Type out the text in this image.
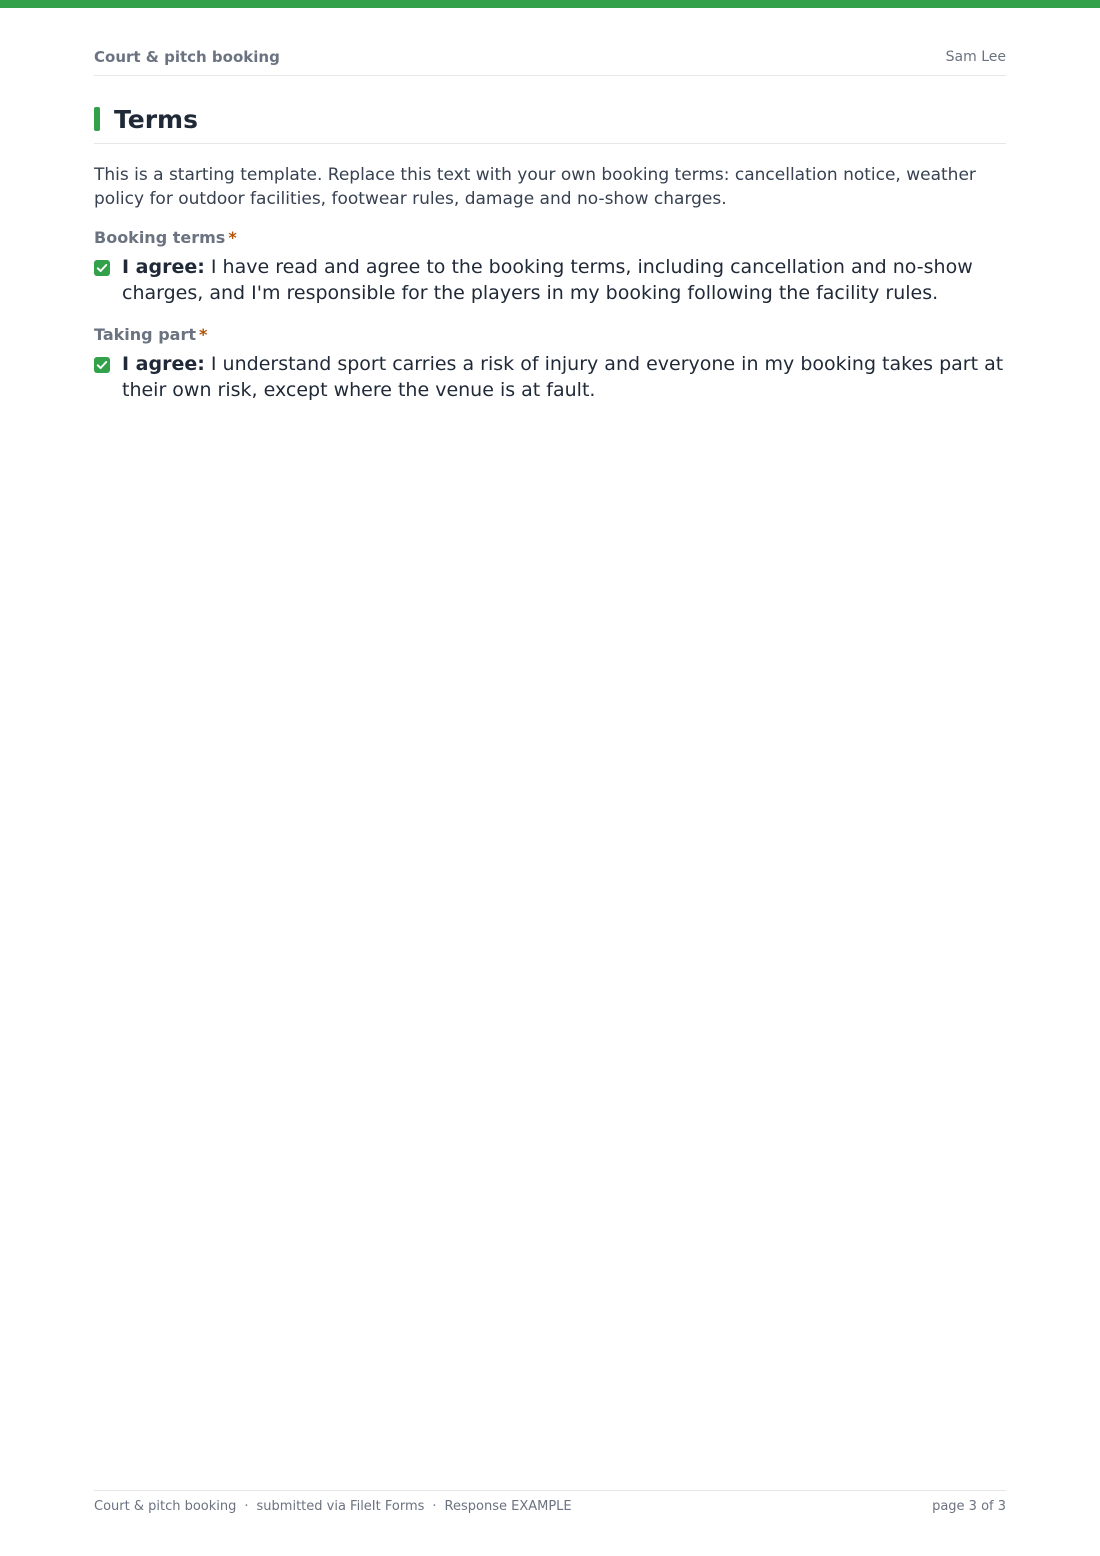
Court & pitch booking	Sam Lee
Terms
This is a starting template. Replace this text with your own booking terms: cancellation notice, weather policy for outdoor facilities, footwear rules, damage and no-show charges.
Booking terms *
I agree: I have read and agree to the booking terms, including cancellation and no-show charges, and I'm responsible for the players in my booking following the facility rules.
Taking part *
I agree: I understand sport carries a risk of injury and everyone in my booking takes part at their own risk, except where the venue is at fault.
Court & pitch booking · submitted via FileIt Forms · Response EXAMPLE	page 3 of 3
